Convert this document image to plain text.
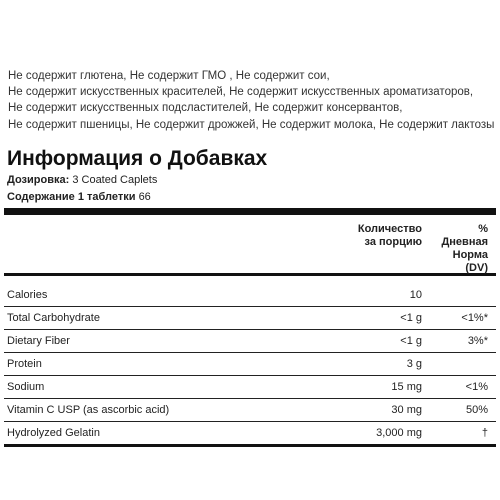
Не содержит глютена, Не содержит ГМО , Не содержит сои,
Не содержит искусственных красителей, Не содержит искусственных ароматизаторов,
Не содержит искусственных подсластителей, Не содержит консервантов,
Не содержит пшеницы, Не содержит дрожжей, Не содержит молока, Не содержит лактозы
Информация о Добавках
Дозировка: 3 Coated Caplets
Содержание 1 таблетки 66
Количество
за порцию
%
Дневная
Норма
(DV)
Calories	10
Total Carbohydrate	<1 g	<1%*
Dietary Fiber	<1 g	3%*
Protein	3 g
Sodium	15 mg	<1%
Vitamin C USP (as ascorbic acid)	30 mg	50%
Hydrolyzed Gelatin	3,000 mg	†
